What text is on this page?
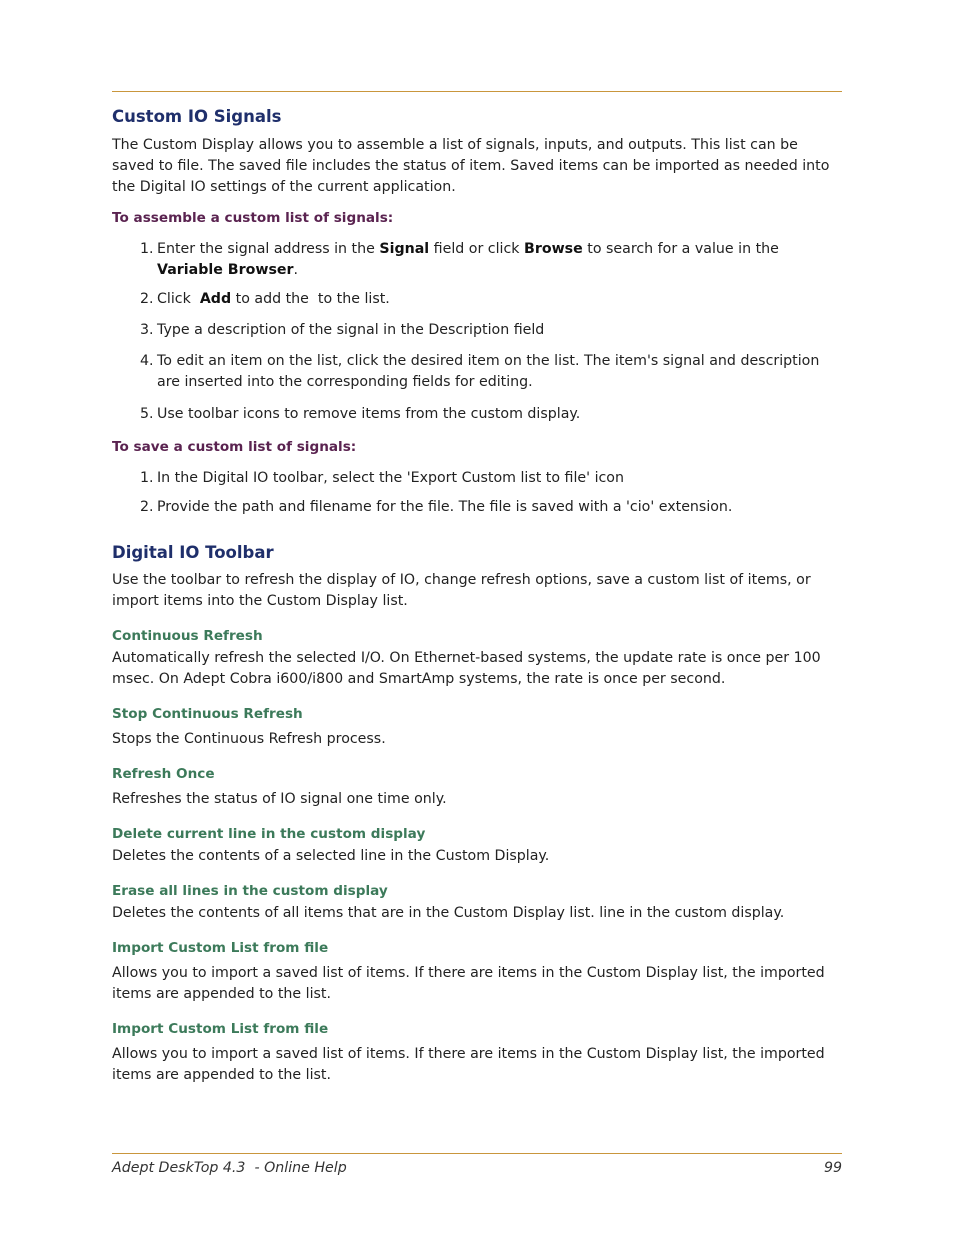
Custom IO Signals

The Custom Display allows you to assemble a list of signals, inputs, and outputs. This list can be saved to file. The saved file includes the status of item. Saved items can be imported as needed into the Digital IO settings of the current application.

To assemble a custom list of signals:
1. Enter the signal address in the Signal field or click Browse to search for a value in the Variable Browser.
2. Click  Add to add the  to the list.
3. Type a description of the signal in the Description field
4. To edit an item on the list, click the desired item on the list. The item's signal and description are inserted into the corresponding fields for editing.
5. Use toolbar icons to remove items from the custom display.
To save a custom list of signals:
1. In the Digital IO toolbar, select the 'Export Custom list to file' icon
2. Provide the path and filename for the file. The file is saved with a 'cio' extension.
Digital IO Toolbar

Use the toolbar to refresh the display of IO, change refresh options, save a custom list of items, or import items into the Custom Display list.

Continuous Refresh

Automatically refresh the selected I/O. On Ethernet-based systems, the update rate is once per 100 msec. On Adept Cobra i600/i800 and SmartAmp systems, the rate is once per second.

Stop Continuous Refresh

Stops the Continuous Refresh process.

Refresh Once

Refreshes the status of IO signal one time only.

Delete current line in the custom display

Deletes the contents of a selected line in the Custom Display.

Erase all lines in the custom display

Deletes the contents of all items that are in the Custom Display list. line in the custom display.

Import Custom List from file

Allows you to import a saved list of items. If there are items in the Custom Display list, the imported items are appended to the list.

Import Custom List from file

Allows you to import a saved list of items. If there are items in the Custom Display list, the imported items are appended to the list.

Adept DeskTop 4.3  - Online Help	99
